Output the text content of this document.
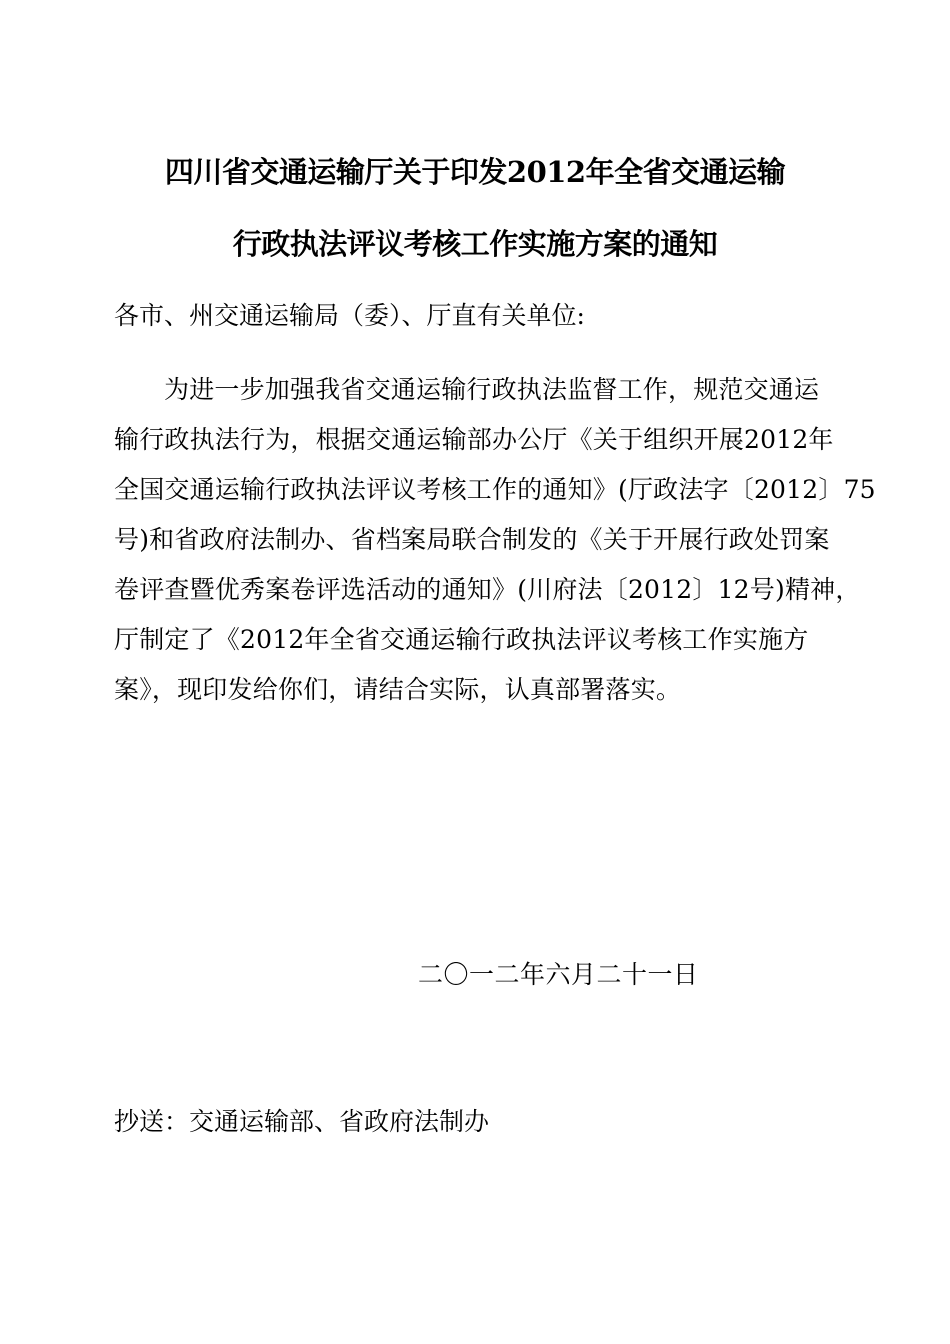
四川省交通运输厅关于印发2012年全省交通运输
行政执法评议考核工作实施方案的通知
各市、州交通运输局（委）、厅直有关单位:
为进一步加强我省交通运输行政执法监督工作，规范交通运
输行政执法行为，根据交通运输部办公厅《关于组织开展2012年
全国交通运输行政执法评议考核工作的通知》(厅政法字〔2012〕75
号)和省政府法制办、省档案局联合制发的《关于开展行政处罚案
卷评查暨优秀案卷评选活动的通知》(川府法〔2012〕12号)精神，
厅制定了《2012年全省交通运输行政执法评议考核工作实施方
案》，现印发给你们，请结合实际，认真部署落实。
二〇一二年六月二十一日
抄送：交通运输部、省政府法制办
